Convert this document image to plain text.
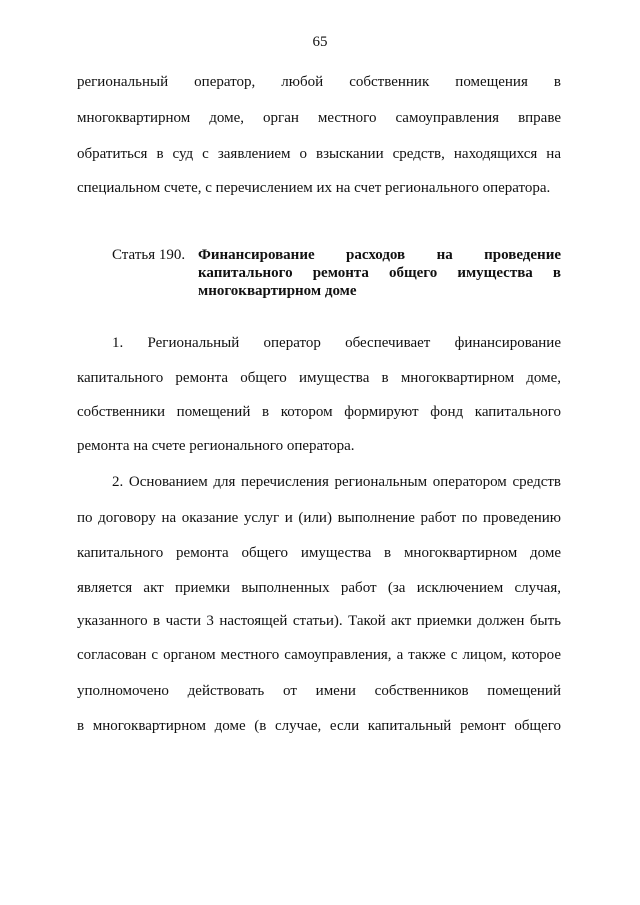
65
региональный оператор, любой собственник помещения в
многоквартирном доме, орган местного самоуправления вправе
обратиться в суд с заявлением о взыскании средств, находящихся на
специальном счете, с перечислением их на счет регионального оператора.
Статья 190. Финансирование расходов на проведение
капитального ремонта общего имущества в
многоквартирном доме
1. Региональный оператор обеспечивает финансирование
капитального ремонта общего имущества в многоквартирном доме,
собственники помещений в котором формируют фонд капитального
ремонта на счете регионального оператора.
2. Основанием для перечисления региональным оператором средств
по договору на оказание услуг и (или) выполнение работ по проведению
капитального ремонта общего имущества в многоквартирном доме
является акт приемки выполненных работ (за исключением случая,
указанного в части 3 настоящей статьи). Такой акт приемки должен быть
согласован с органом местного самоуправления, а также с лицом, которое
уполномочено действовать от имени собственников помещений
в многоквартирном доме (в случае, если капитальный ремонт общего
